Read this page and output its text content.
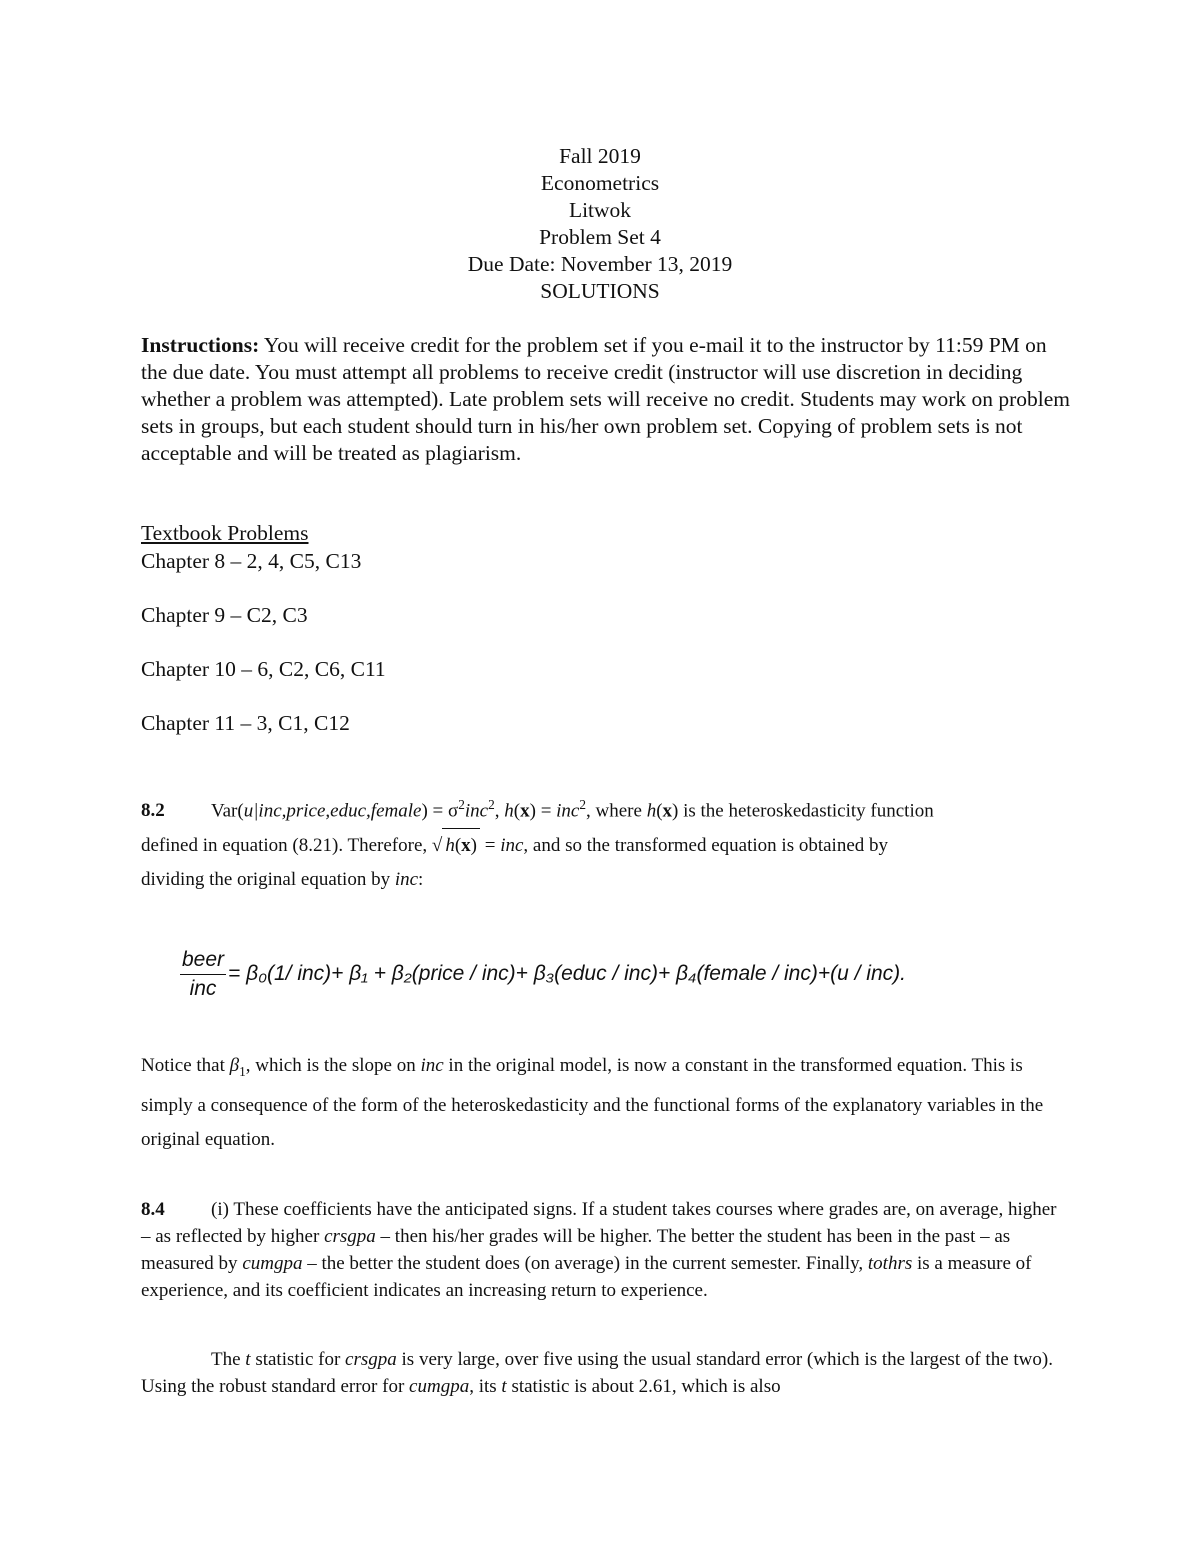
Fall 2019
Econometrics
Litwok
Problem Set 4
Due Date: November 13, 2019
SOLUTIONS
Instructions: You will receive credit for the problem set if you e-mail it to the instructor by 11:59 PM on the due date. You must attempt all problems to receive credit (instructor will use discretion in deciding whether a problem was attempted). Late problem sets will receive no credit. Students may work on problem sets in groups, but each student should turn in his/her own problem set. Copying of problem sets is not acceptable and will be treated as plagiarism.
Textbook Problems
Chapter 8 – 2, 4, C5, C13
Chapter 9 – C2, C3
Chapter 10 – 6, C2, C6, C11
Chapter 11 – 3, C1, C12
8.2 Var(u|inc,price,educ,female) = $\sigma^2inc^2$, h(x) = inc$^2$, where h(x) is the heteroskedasticity function
defined in equation (8.21). Therefore, √ h(x) = inc, and so the transformed equation is obtained by
dividing the original equation by inc:
$\frac{\text{beer}}{\text{inc}} = \beta_0(1/$ inc)+ β₁ + β₂(price / inc)+ β₃(educ / inc)+ β₄(female / inc)+(u / inc).
Notice that $\beta_1$, which is the slope on inc in the original model, is now a constant in the transformed equation. This is simply a consequence of the form of the heteroskedasticity and the functional forms of the explanatory variables in the original equation.
8.4 (i) These coefficients have the anticipated signs. If a student takes courses where grades are, on average, higher – as reflected by higher crsgpa – then his/her grades will be higher. The better the student has been in the past – as measured by cumgpa – the better the student does (on average) in the current semester. Finally, tothrs is a measure of experience, and its coefficient indicates an increasing return to experience.
The t statistic for crsgpa is very large, over five using the usual standard error (which is the largest of the two). Using the robust standard error for cumgpa, its t statistic is about 2.61, which is also
